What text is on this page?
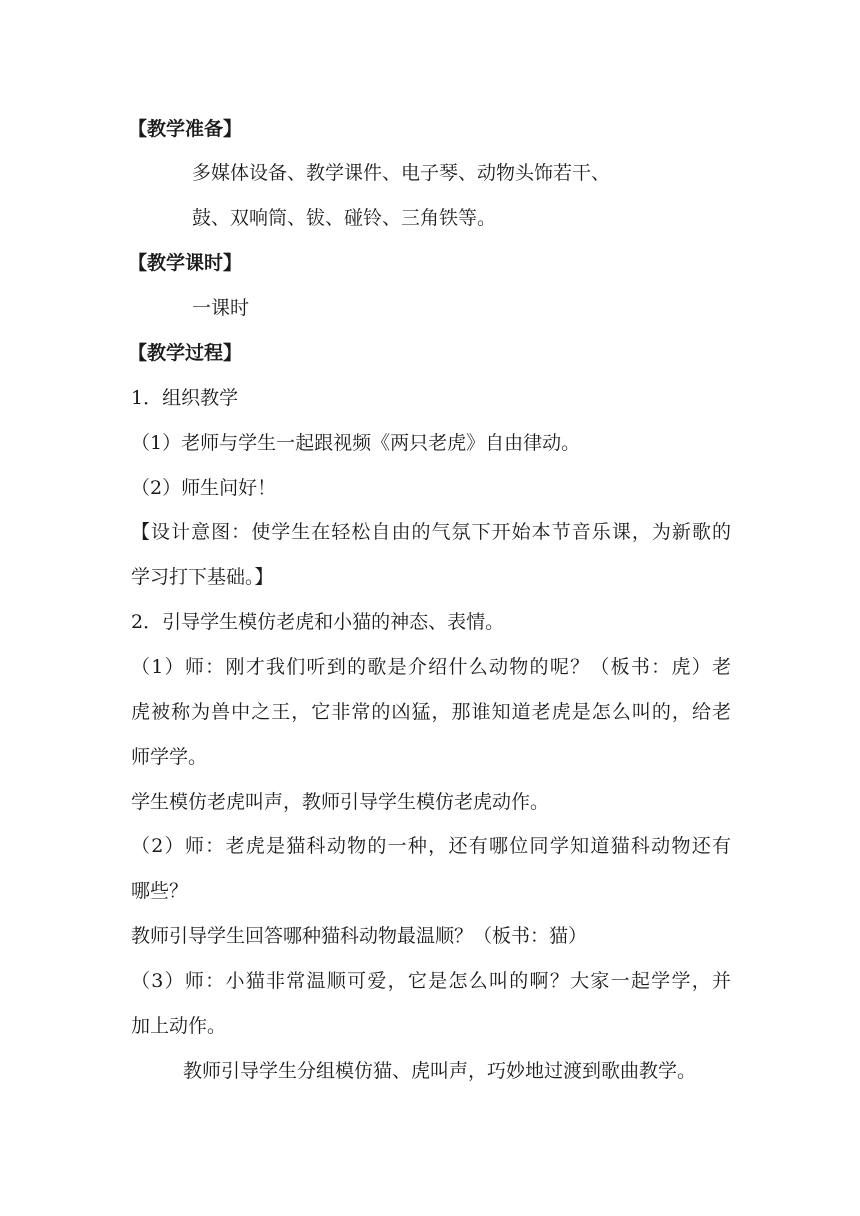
【教学准备】
多媒体设备、教学课件、电子琴、动物头饰若干、
鼓、双响筒、钹、碰铃、三角铁等。
【教学课时】
一课时
【教学过程】
1．组织教学
（1）老师与学生一起跟视频《两只老虎》自由律动。
（2）师生问好！
【设计意图：使学生在轻松自由的气氛下开始本节音乐课，为新歌的
学习打下基础。】
2．引导学生模仿老虎和小猫的神态、表情。
（1）师：刚才我们听到的歌是介绍什么动物的呢？（板书：虎）老
虎被称为兽中之王，它非常的凶猛，那谁知道老虎是怎么叫的，给老
师学学。
学生模仿老虎叫声，教师引导学生模仿老虎动作。
（2）师：老虎是猫科动物的一种，还有哪位同学知道猫科动物还有
哪些？
教师引导学生回答哪种猫科动物最温顺？（板书：猫）
（3）师：小猫非常温顺可爱，它是怎么叫的啊？大家一起学学，并
加上动作。
教师引导学生分组模仿猫、虎叫声，巧妙地过渡到歌曲教学。
